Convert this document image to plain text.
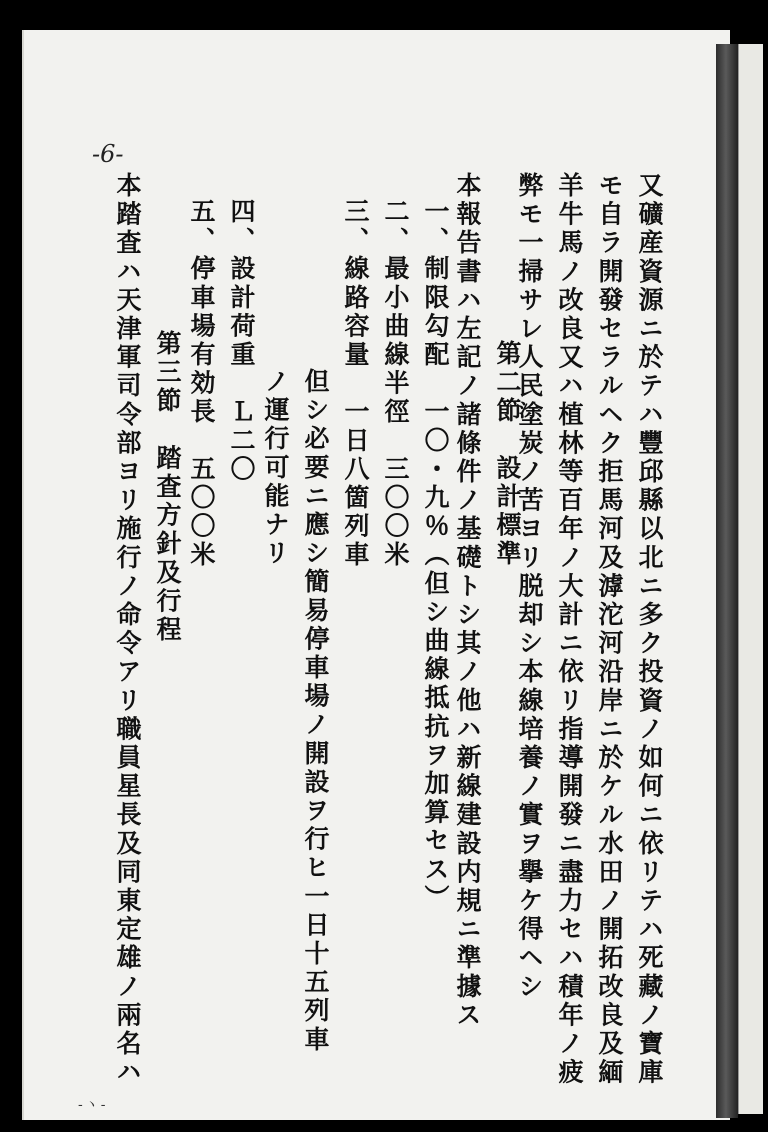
-6-
又礦産資源ニ於テハ豐邱縣以北ニ多ク投資ノ如何ニ依リテハ死藏ノ寶庫
モ自ラ開發セラルヘク拒馬河及滹沱河沿岸ニ於ケル水田ノ開拓改良及緬
羊牛馬ノ改良又ハ植林等百年ノ大計ニ依リ指導開發ニ盡力セハ積年ノ疲
弊モ一掃サレ人民塗炭ノ苦ヨリ脱却シ本線培養ノ實ヲ擧ケ得ヘシ
第二節　設計標準
本報告書ハ左記ノ諸條件ノ基礎トシ其ノ他ハ新線建設内規ニ準據ス
一、制限勾配　一〇・九％（但シ曲線抵抗ヲ加算セス）
二、最小曲線半徑　三〇〇米
三、線路容量　一日八箇列車
但シ必要ニ應シ簡易停車場ノ開設ヲ行ヒ一日十五列車
ノ運行可能ナリ
四、設計荷重　Ｌ二〇
五、停車場有効長　五〇〇米
第三節　踏査方針及行程
本踏査ハ天津軍司令部ヨリ施行ノ命令アリ職員星長及同東定雄ノ兩名ハ
-ヽ-
